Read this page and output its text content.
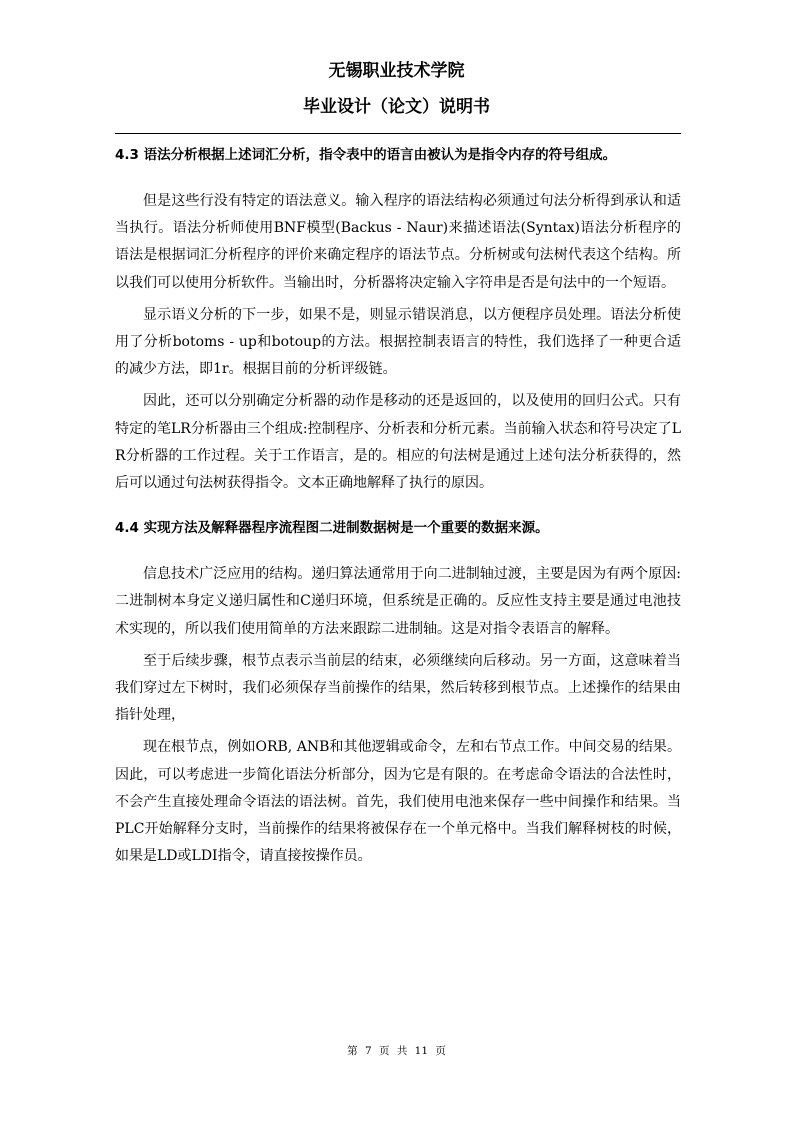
无锡职业技术学院
毕业设计（论文）说明书

4.3 语法分析根据上述词汇分析，指令表中的语言由被认为是指令内存的符号组成。

但是这些行没有特定的语法意义。输入程序的语法结构必须通过句法分析得到承认和适当执行。语法分析师使用BNF模型(Backus - Naur)来描述语法(Syntax)语法分析程序的语法是根据词汇分析程序的评价来确定程序的语法节点。分析树或句法树代表这个结构。所以我们可以使用分析软件。当输出时，分析器将决定输入字符串是否是句法中的一个短语。

显示语义分析的下一步，如果不是，则显示错误消息，以方便程序员处理。语法分析使用了分析botoms - up和botoup的方法。根据控制表语言的特性，我们选择了一种更合适的减少方法，即1r。根据目前的分析评级链。

因此，还可以分别确定分析器的动作是移动的还是返回的，以及使用的回归公式。只有特定的笔LR分析器由三个组成:控制程序、分析表和分析元素。当前输入状态和符号决定了LR分析器的工作过程。关于工作语言，是的。相应的句法树是通过上述句法分析获得的，然后可以通过句法树获得指令。文本正确地解释了执行的原因。

4.4 实现方法及解释器程序流程图二进制数据树是一个重要的数据来源。

信息技术广泛应用的结构。递归算法通常用于向二进制轴过渡，主要是因为有两个原因:二进制树本身定义递归属性和C递归环境，但系统是正确的。反应性支持主要是通过电池技术实现的，所以我们使用简单的方法来跟踪二进制轴。这是对指令表语言的解释。

至于后续步骤，根节点表示当前层的结束，必须继续向后移动。另一方面，这意味着当我们穿过左下树时，我们必须保存当前操作的结果，然后转移到根节点。上述操作的结果由指针处理，

现在根节点，例如ORB, ANB和其他逻辑或命令，左和右节点工作。中间交易的结果。因此，可以考虑进一步简化语法分析部分，因为它是有限的。在考虑命令语法的合法性时，不会产生直接处理命令语法的语法树。首先，我们使用电池来保存一些中间操作和结果。当PLC开始解释分支时，当前操作的结果将被保存在一个单元格中。当我们解释树枝的时候，如果是LD或LDI指令，请直接按操作员。

第 7 页 共 11 页
